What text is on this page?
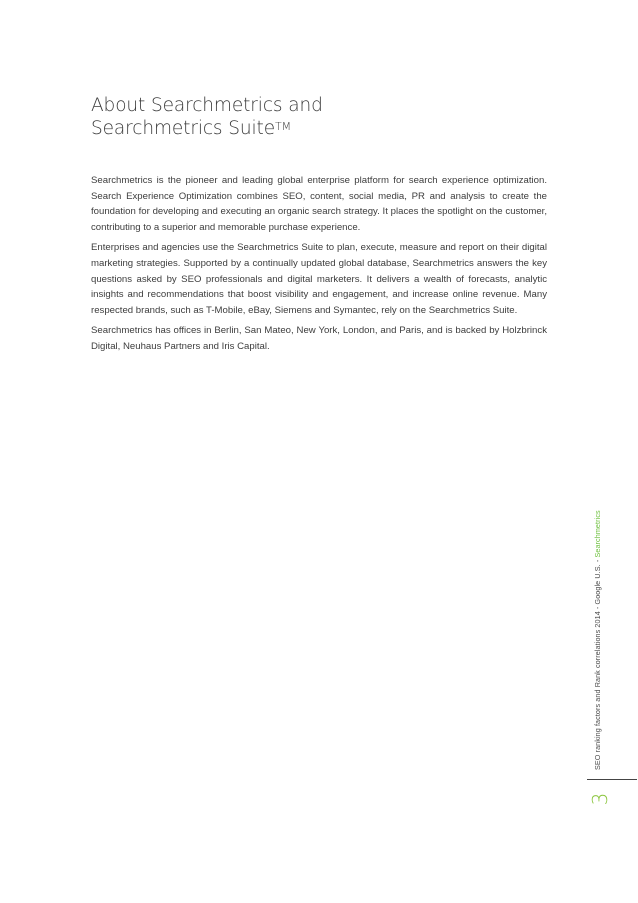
About Searchmetrics and
Searchmetrics Suite™

Searchmetrics is the pioneer and leading global enterprise platform for search experience optimization. Search Experience Optimization combines SEO, content, social media, PR and analysis to create the foundation for developing and executing an organic search strategy. It places the spotlight on the customer, contributing to a superior and memorable purchase experience.

Enterprises and agencies use the Searchmetrics Suite to plan, execute, measure and report on their digital marketing strategies. Supported by a continually updated global database, Searchmetrics answers the key questions asked by SEO professionals and digital marketers. It delivers a wealth of forecasts, analytic insights and recommendations that boost visibility and engagement, and increase online revenue. Many respected brands, such as T-Mobile, eBay, Siemens and Symantec, rely on the Searchmetrics Suite.

Searchmetrics has offices in Berlin, San Mateo, New York, London, and Paris, and is backed by Holzbrinck Digital, Neuhaus Partners and Iris Capital.

SEO ranking factors and Rank correlations 2014 - Google U.S. - Searchmetrics
3
